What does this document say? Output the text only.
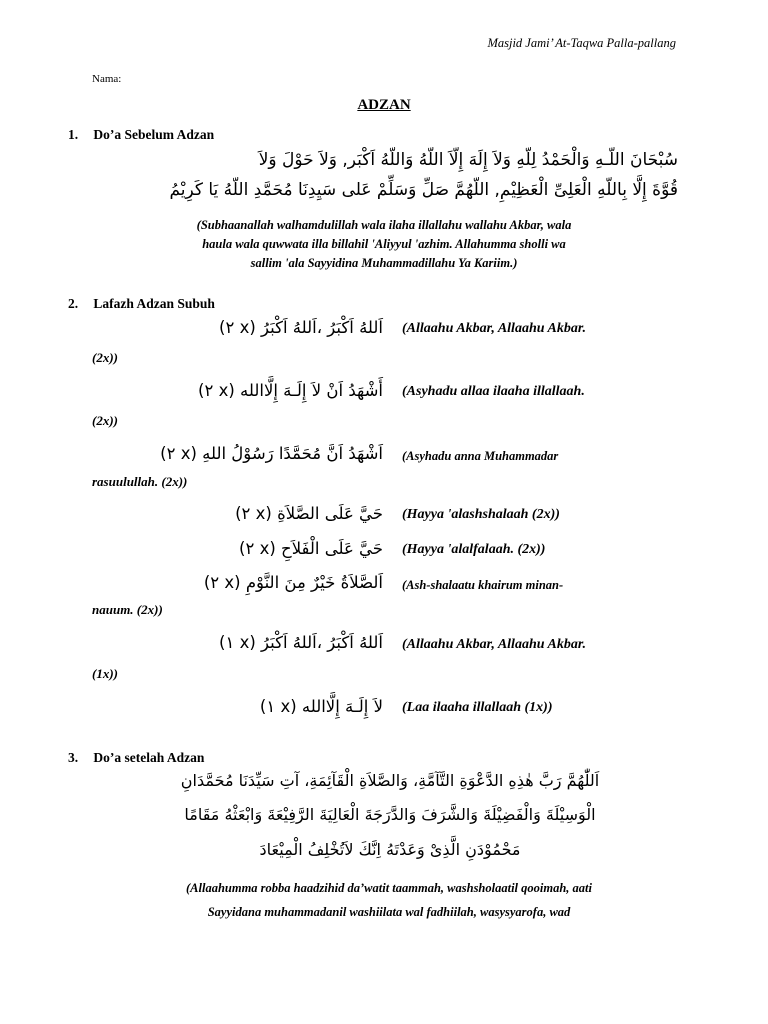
Masjid Jami’ At-Taqwa Palla-pallang
Nama:
ADZAN
1. Do’a Sebelum Adzan
سُبْحَانَ اللّـهِ وَالْحَمْدُ لِلّهِ وَلاَ إِلَهَ إِلّاَ اللّهُ وَاللّهُ اَكْبَر, وَلاَ حَوْلَ وَلاَ
قُوَّةَ إِلَّا بِاللّهِ الْعَلِىِّ الْعَظِيْمِ, اللّهُمَّ صَلِّ وَسَلِّمْ عَلى سَيِدِنَا مُحَمَّدِ اللّهُ يَا كَرِيْمُ
(Subhaanallah walhamdulillah wala ilaha illallahu wallahu Akbar, wala
haula wala quwwata illa billahil 'Aliyyul 'azhim. Allahumma sholli wa
sallim 'ala Sayyidina Muhammadillahu Ya Kariim.)
2. Lafazh Adzan Subuh
اَللهُ اَكْبَرُ ،اَللهُ اَكْبَرُ (x ٢) (Allaahu Akbar, Allaahu Akbar.
(2x))
أَشْهَدُ اَنْ لاَ إِلَـهَ إِلَّاالله (x ٢) (Asyhadu allaa ilaaha illallaah.
(2x))
اَشْهَدُ اَنَّ مُحَمَّدًا رَسُوْلُ اللهِ (x ٢) (Asyhadu anna Muhammadar
rasuulullah. (2x))
حَيَّ عَلَى الصَّلاَةِ (x ٢) (Hayya 'alashshalaah (2x))
حَيَّ عَلَى الْفَلاَحِ (x ٢) (Hayya 'alalfalaah. (2x))
اَلصَّلاَةُ خَيْرٌ مِنَ النَّوْمِ (x ٢) (Ash-shalaatu khairum minan-
nauum. (2x))
اَللهُ اَكْبَرُ ،اَللهُ اَكْبَرُ (x ١) (Allaahu Akbar, Allaahu Akbar.
(1x))
لاَ إِلَـهَ إِلَّاالله (x ١) (Laa ilaaha illallaah (1x))
3. Do’a setelah Adzan
اَللّٰهُمَّ رَبَّ هٰذِهِ الدَّعْوَةِ التَّآمَّةِ، وَالصَّلاَةِ الْقَآئِمَةِ، آتِ سَيِّدَنَا مُحَمَّدَانِ
الْوَسِيْلَةَ وَالْفَضِيْلَةَ وَالشَّرَفَ وَالدَّرَجَةَ الْعَالِيَةَ الرَّفِيْعَةَ وَابْعَثْهُ مَقَامًا
مَحْمُوْدَنِ الَّذِىْ وَعَدْتَهُ اِنَّكَ لاَتُخْلِفُ الْمِيْعَادَ
(Allaahumma robba haadzihid da’watit taammah, washsholaatil qooimah, aati
Sayyidana muhammadanil washiilata wal fadhiilah, wasysyarofa, wad
